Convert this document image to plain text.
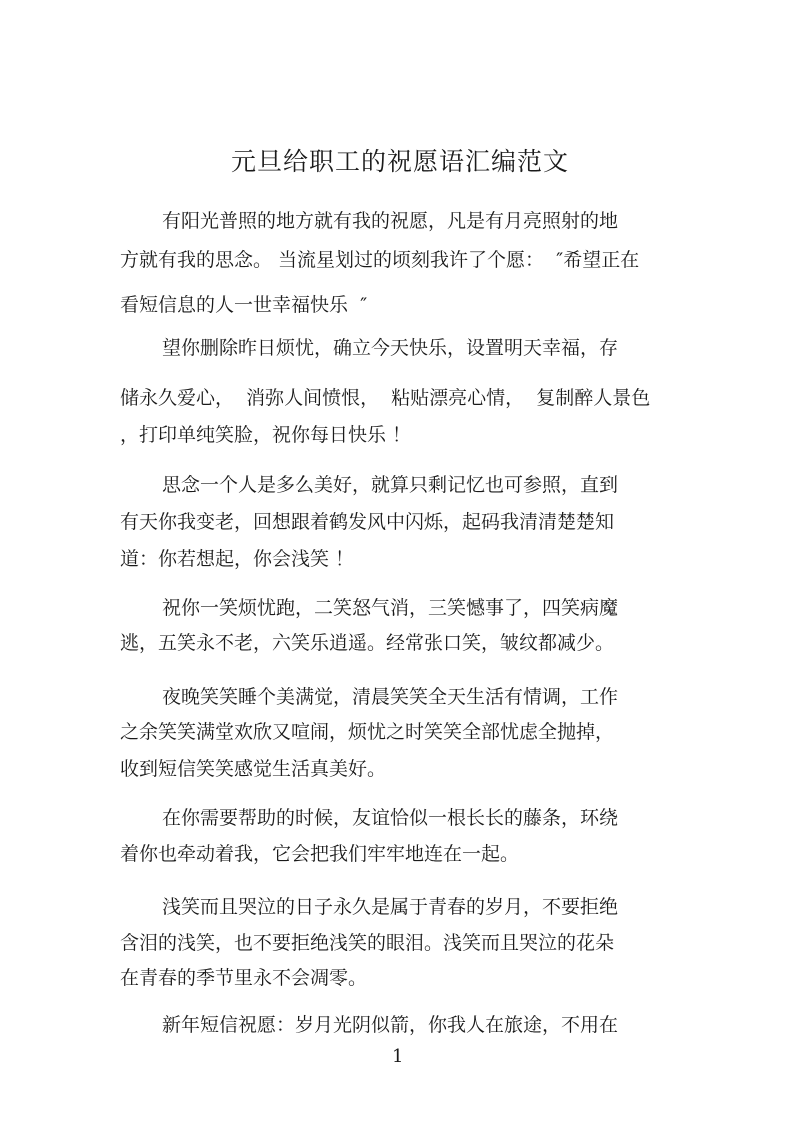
元旦给职工的祝愿语汇编范文
有阳光普照的地方就有我的祝愿，凡是有月亮照射的地
方就有我的思念。 当流星划过的顷刻我许了个愿：  ″希望正在
看短信息的人一世幸福快乐  ″
望你删除昨日烦忧，确立今天快乐，设置明天幸福，存
储永久爱心，  消弥人间愤恨，  粘贴漂亮心情，  复制醉人景色
，打印单纯笑脸，祝你每日快乐 ！
思念一个人是多么美好，就算只剩记忆也可参照，直到
有天你我变老，回想跟着鹤发风中闪烁，起码我清清楚楚知
道：你若想起，你会浅笑 ！
祝你一笑烦忧跑，二笑怒气消，三笑憾事了，四笑病魔
逃，五笑永不老，六笑乐逍遥。经常张口笑，皱纹都减少。
夜晚笑笑睡个美满觉，清晨笑笑全天生活有情调，工作
之余笑笑满堂欢欣又喧闹，烦忧之时笑笑全部忧虑全抛掉，
收到短信笑笑感觉生活真美好。
在你需要帮助的时候，友谊恰似一根长长的藤条，环绕
着你也牵动着我，它会把我们牢牢地连在一起。
浅笑而且哭泣的日子永久是属于青春的岁月，不要拒绝
含泪的浅笑，也不要拒绝浅笑的眼泪。浅笑而且哭泣的花朵
在青春的季节里永不会凋零。
新年短信祝愿：岁月光阴似箭，你我人在旅途，不用在
1
